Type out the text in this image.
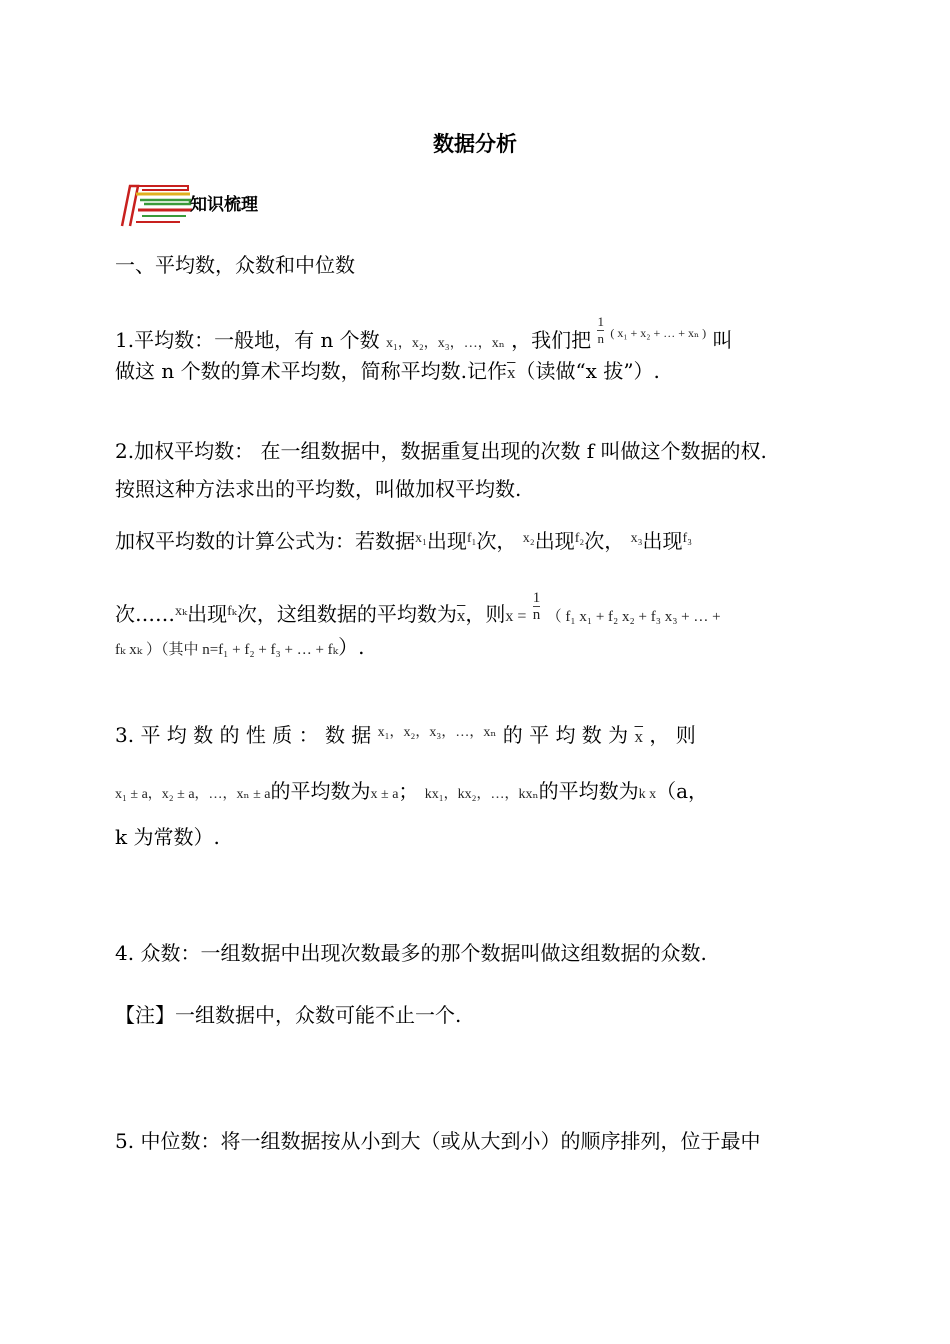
数据分析
知识梳理
一、平均数，众数和中位数
1.平均数：一般地，有 n 个数 x₁，x₂，x₃，…，xₙ ，我们把 $\frac{1}{n} ^{( x_1 + x_2 + \dots + x_n )}$ 叫
做这 n 个数的算术平均数，简称平均数.记作$\overline{x}$（读做“x 拔”）.
2.加权平均数： 在一组数据中，数据重复出现的次数 f 叫做这个数据的权.
按照这种方法求出的平均数，叫做加权平均数.
加权平均数的计算公式为：若数据$^{x_1}$出现$^{f_1}$次， $^{x_2}$出现$^{f_2}$次， $^{x_3}$出现$^{f_3}$
次……$^{x_k}$出现$^{f_k}$次，这组数据的平均数为$\overline{x}$，则$x = \frac{1}{n}$ （ f₁ x₁ + f₂ x₂ + f₃ x₃ + … +
fₖ xₖ ）（其中 n=f₁ + f₂ + f₃ + … + fₖ）.
3. 平 均 数 的 性 质 ： 数 据 $^{x_1,x_2,x_3,\dots,x_n}$ 的 平 均 数 为 $\overline{x}$ ， 则
x₁ ± a，x₂ ± a，…，xₙ ± a的平均数为x ± a； kx₁，kx₂，…，kxₙ的平均数为k x（a，
k 为常数）.
4. 众数：一组数据中出现次数最多的那个数据叫做这组数据的众数.
【注】一组数据中，众数可能不止一个.
5. 中位数：将一组数据按从小到大（或从大到小）的顺序排列，位于最中
